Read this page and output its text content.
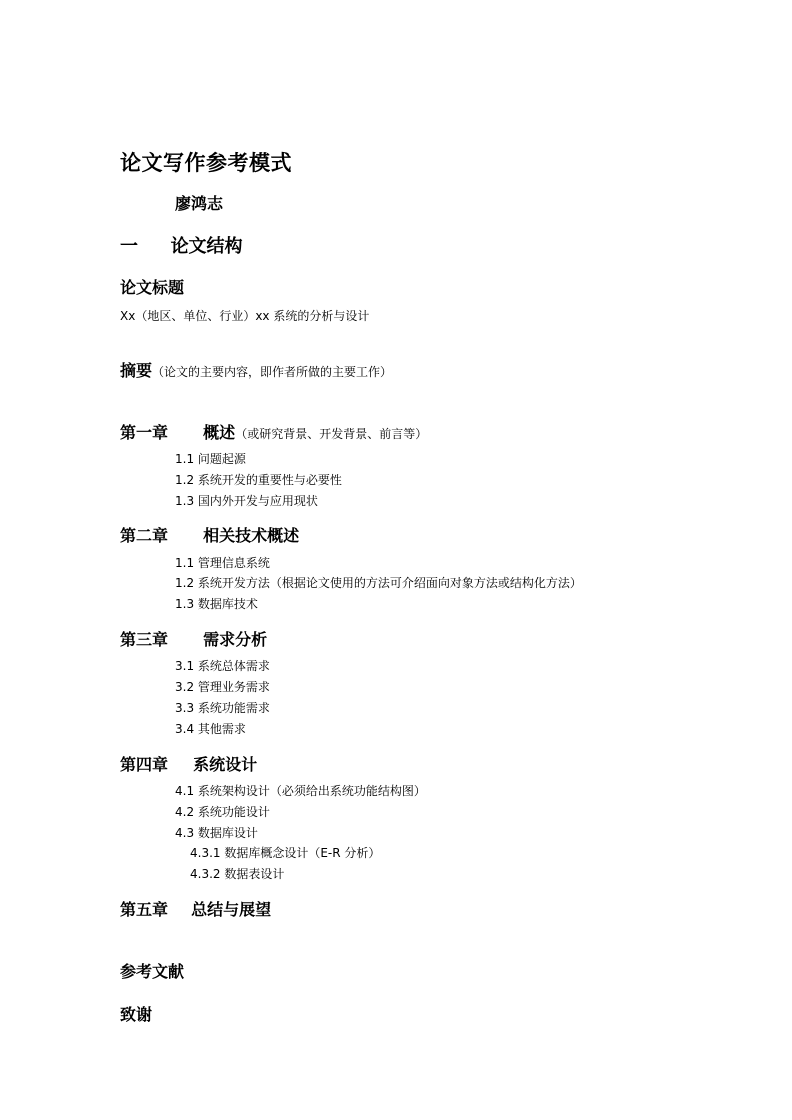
论文写作参考模式
廖鸿志
一 论文结构
论文标题
Xx（地区、单位、行业）xx 系统的分析与设计
摘要（论文的主要内容，即作者所做的主要工作）
第一章 概述（或研究背景、开发背景、前言等）
1.1 问题起源
1.2 系统开发的重要性与必要性
1.3 国内外开发与应用现状
第二章 相关技术概述
1.1 管理信息系统
1.2 系统开发方法（根据论文使用的方法可介绍面向对象方法或结构化方法）
1.3 数据库技术
第三章 需求分析
3.1 系统总体需求
3.2 管理业务需求
3.3 系统功能需求
3.4 其他需求
第四章 系统设计
4.1 系统架构设计（必须给出系统功能结构图）
4.2 系统功能设计
4.3 数据库设计
4.3.1 数据库概念设计（E-R 分析）
4.3.2 数据表设计
第五章 总结与展望
参考文献
致谢
